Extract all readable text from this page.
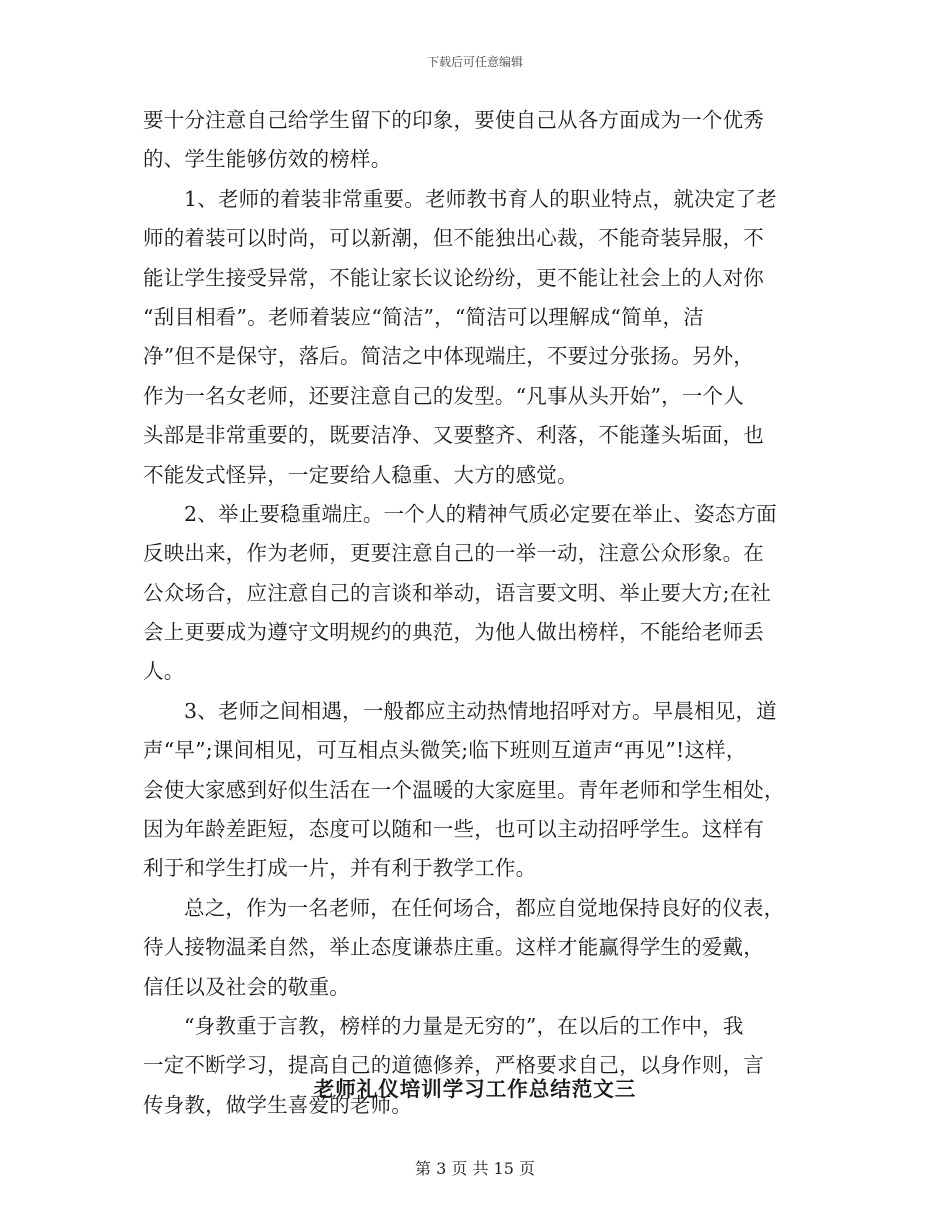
下载后可任意编辑
要十分注意自己给学生留下的印象，要使自己从各方面成为一个优秀
的、学生能够仿效的榜样。
1、老师的着装非常重要。老师教书育人的职业特点，就决定了老
师的着装可以时尚，可以新潮，但不能独出心裁，不能奇装异服，不
能让学生接受异常，不能让家长议论纷纷，更不能让社会上的人对你
“刮目相看”。老师着装应“简洁”，“简洁可以理解成“简单，洁
净”但不是保守，落后。简洁之中体现端庄，不要过分张扬。另外，
作为一名女老师，还要注意自己的发型。“凡事从头开始”，一个人
头部是非常重要的，既要洁净、又要整齐、利落，不能蓬头垢面，也
不能发式怪异，一定要给人稳重、大方的感觉。
2、举止要稳重端庄。一个人的精神气质必定要在举止、姿态方面
反映出来，作为老师，更要注意自己的一举一动，注意公众形象。在
公众场合，应注意自己的言谈和举动，语言要文明、举止要大方;在社
会上更要成为遵守文明规约的典范，为他人做出榜样，不能给老师丢
人。
3、老师之间相遇，一般都应主动热情地招呼对方。早晨相见，道
声“早”;课间相见，可互相点头微笑;临下班则互道声“再见”!这样，
会使大家感到好似生活在一个温暖的大家庭里。青年老师和学生相处，
因为年龄差距短，态度可以随和一些，也可以主动招呼学生。这样有
利于和学生打成一片，并有利于教学工作。
总之，作为一名老师，在任何场合，都应自觉地保持良好的仪表，
待人接物温柔自然，举止态度谦恭庄重。这样才能赢得学生的爱戴，
信任以及社会的敬重。
“身教重于言教，榜样的力量是无穷的”，在以后的工作中，我
一定不断学习，提高自己的道德修养，严格要求自己，以身作则，言
传身教，做学生喜爱的老师。
老师礼仪培训学习工作总结范文三
第 3 页 共 15 页
